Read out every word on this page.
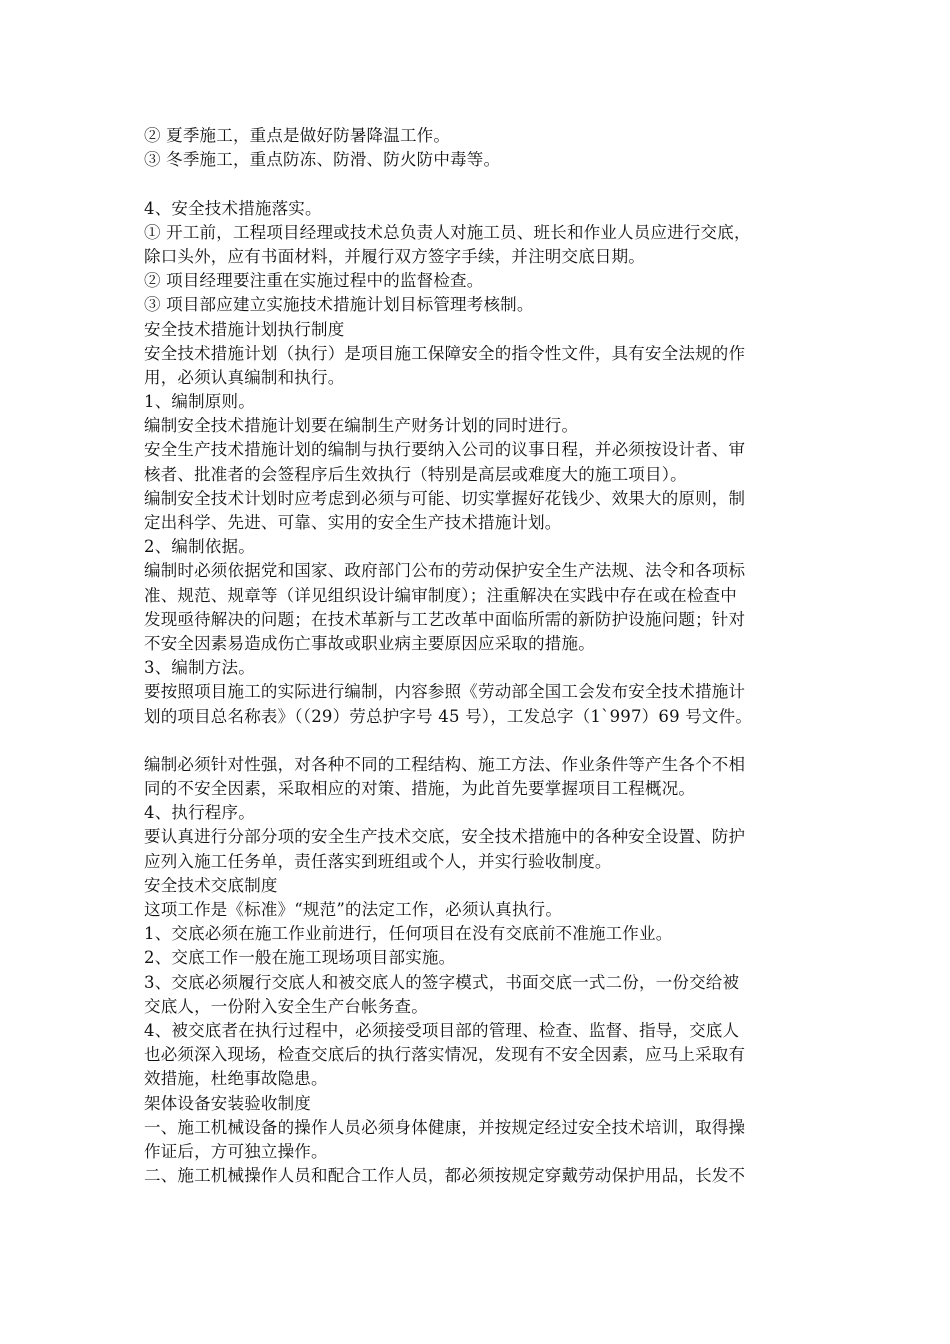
② 夏季施工，重点是做好防暑降温工作。
③ 冬季施工，重点防冻、防滑、防火防中毒等。
4、安全技术措施落实。
① 开工前，工程项目经理或技术总负责人对施工员、班长和作业人员应进行交底，
除口头外，应有书面材料，并履行双方签字手续，并注明交底日期。
② 项目经理要注重在实施过程中的监督检查。
③ 项目部应建立实施技术措施计划目标管理考核制。
安全技术措施计划执行制度
安全技术措施计划（执行）是项目施工保障安全的指令性文件，具有安全法规的作
用，必须认真编制和执行。
1、编制原则。
编制安全技术措施计划要在编制生产财务计划的同时进行。
安全生产技术措施计划的编制与执行要纳入公司的议事日程，并必须按设计者、审
核者、批准者的会签程序后生效执行（特别是高层或难度大的施工项目）。
编制安全技术计划时应考虑到必须与可能、切实掌握好花钱少、效果大的原则，制
定出科学、先进、可靠、实用的安全生产技术措施计划。
2、编制依据。
编制时必须依据党和国家、政府部门公布的劳动保护安全生产法规、法令和各项标
准、规范、规章等（详见组织设计编审制度）；注重解决在实践中存在或在检查中
发现亟待解决的问题；在技术革新与工艺改革中面临所需的新防护设施问题；针对
不安全因素易造成伤亡事故或职业病主要原因应采取的措施。
3、编制方法。
要按照项目施工的实际进行编制，内容参照《劳动部全国工会发布安全技术措施计
划的项目总名称表》（（29）劳总护字号 45 号），工发总字（1`997）69 号文件。
编制必须针对性强，对各种不同的工程结构、施工方法、作业条件等产生各个不相
同的不安全因素，采取相应的对策、措施，为此首先要掌握项目工程概况。
4、执行程序。
要认真进行分部分项的安全生产技术交底，安全技术措施中的各种安全设置、防护
应列入施工任务单，责任落实到班组或个人，并实行验收制度。
安全技术交底制度
这项工作是《标准》“规范”的法定工作，必须认真执行。
1、交底必须在施工作业前进行，任何项目在没有交底前不准施工作业。
2、交底工作一般在施工现场项目部实施。
3、交底必须履行交底人和被交底人的签字模式，书面交底一式二份，一份交给被
交底人，一份附入安全生产台帐务查。
4、被交底者在执行过程中，必须接受项目部的管理、检查、监督、指导，交底人
也必须深入现场，检查交底后的执行落实情况，发现有不安全因素，应马上采取有
效措施，杜绝事故隐患。
架体设备安装验收制度
一、施工机械设备的操作人员必须身体健康，并按规定经过安全技术培训，取得操
作证后，方可独立操作。
二、施工机械操作人员和配合工作人员，都必须按规定穿戴劳动保护用品，长发不
